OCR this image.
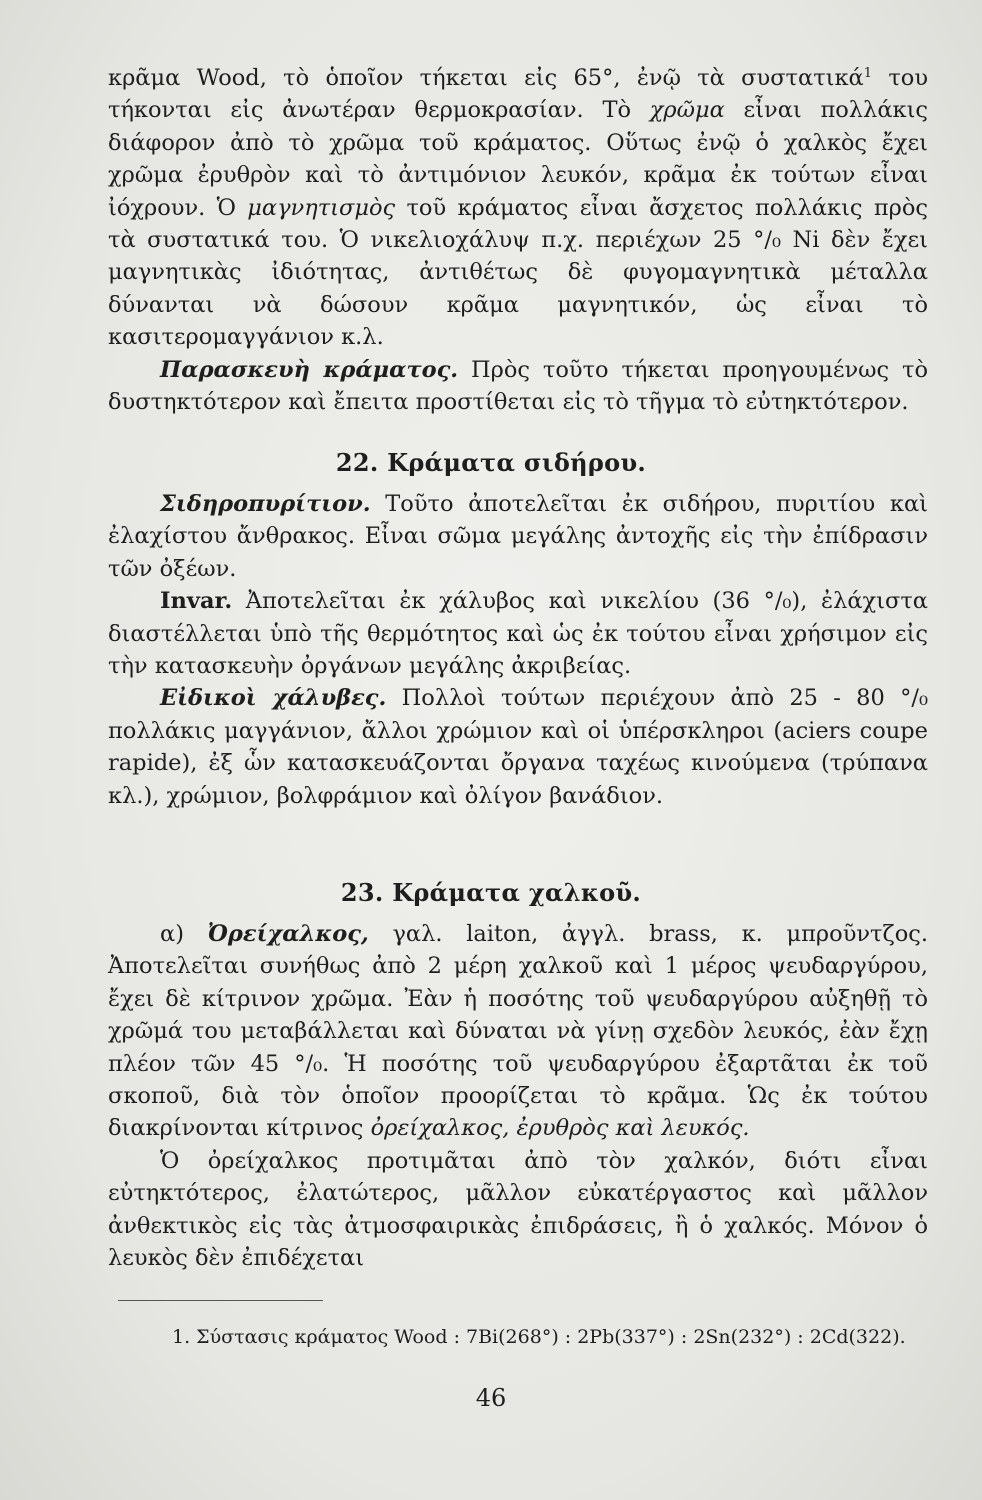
κρᾶμα Wood, τὸ ὁποῖον τήκεται εἰς 65°, ἐνῷ τὰ συστατικά$^1$ του τήκονται εἰς ἀνωτέραν θερμοκρασίαν. Τὸ χρῶμα εἶναι πολλάκις διάφορον ἀπὸ τὸ χρῶμα τοῦ κράματος. Οὕτως ἐνῷ ὁ χαλκὸς ἔχει χρῶμα ἐρυθρὸν καὶ τὸ ἀντιμόνιον λευκόν, κρᾶμα ἐκ τούτων εἶναι ἰόχρουν. Ὁ μαγνητισμὸς τοῦ κράματος εἶναι ἄσχετος πολλάκις πρὸς τὰ συστατικά του. Ὁ νικελιοχάλυψ π.χ. περιέχων 25 °/₀ Ni δὲν ἔχει μαγνητικὰς ἰδιότητας, ἀντιθέτως δὲ φυγομαγνητικὰ μέταλλα δύνανται νὰ δώσουν κρᾶμα μαγνητικόν, ὡς εἶναι τὸ κασιτερομαγγάνιον κ.λ.

Παρασκευὴ κράματος. Πρὸς τοῦτο τήκεται προηγουμένως τὸ δυστηκτότερον καὶ ἔπειτα προστίθεται εἰς τὸ τῆγμα τὸ εὐτηκτότερον.

22. Κράματα σιδήρου.

Σιδηροπυρίτιον. Τοῦτο ἀποτελεῖται ἐκ σιδήρου, πυριτίου καὶ ἐλαχίστου ἄνθρακος. Εἶναι σῶμα μεγάλης ἀντοχῆς εἰς τὴν ἐπίδρασιν τῶν ὀξέων.

Invar. Ἀποτελεῖται ἐκ χάλυβος καὶ νικελίου (36 °/₀), ἐλάχιστα διαστέλλεται ὑπὸ τῆς θερμότητος καὶ ὡς ἐκ τούτου εἶναι χρήσιμον εἰς τὴν κατασκευὴν ὀργάνων μεγάλης ἀκριβείας.

Εἰδικοὶ χάλυβες. Πολλοὶ τούτων περιέχουν ἀπὸ 25 - 80 °/₀ πολλάκις μαγγάνιον, ἄλλοι χρώμιον καὶ οἱ ὑπέρσκληροι (aciers coupe rapide), ἐξ ὧν κατασκευάζονται ὄργανα ταχέως κινούμενα (τρύπανα κλ.), χρώμιον, βολφράμιον καὶ ὀλίγον βανάδιον.

23. Κράματα χαλκοῦ.

α) Ὀρείχαλκος, γαλ. laiton, ἀγγλ. brass, κ. μπροῦντζος. Ἀποτελεῖται συνήθως ἀπὸ 2 μέρη χαλκοῦ καὶ 1 μέρος ψευδαργύρου, ἔχει δὲ κίτρινον χρῶμα. Ἐὰν ἡ ποσότης τοῦ ψευδαργύρου αὐξηθῇ τὸ χρῶμά του μεταβάλλεται καὶ δύναται νὰ γίνῃ σχεδὸν λευκός, ἐὰν ἔχῃ πλέον τῶν 45 °/₀. Ἡ ποσότης τοῦ ψευδαργύρου ἐξαρτᾶται ἐκ τοῦ σκοποῦ, διὰ τὸν ὁποῖον προορίζεται τὸ κρᾶμα. Ὡς ἐκ τούτου διακρίνονται κίτρινος ὀρείχαλκος, ἐρυθρὸς καὶ λευκός.

Ὁ ὀρείχαλκος προτιμᾶται ἀπὸ τὸν χαλκόν, διότι εἶναι εὐτηκτότερος, ἐλατώτερος, μᾶλλον εὐκατέργαστος καὶ μᾶλλον ἀνθεκτικὸς εἰς τὰς ἀτμοσφαιρικὰς ἐπιδράσεις, ἢ ὁ χαλκός. Μόνον ὁ λευκὸς δὲν ἐπιδέχεται

1. Σύστασις κράματος Wood : 7Bi(268°) : 2Pb(337°) : 2Sn(232°) : 2Cd(322).
46
